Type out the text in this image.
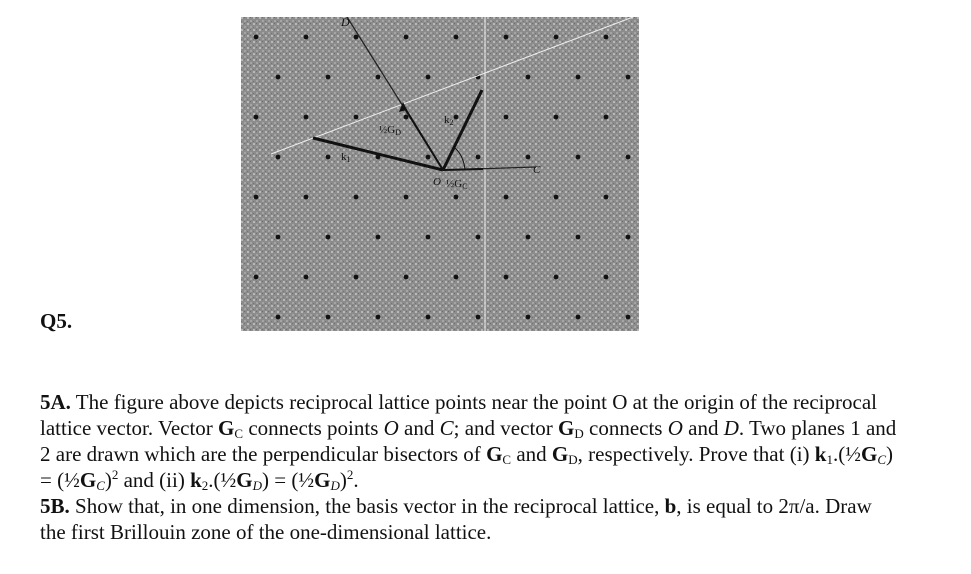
D
½GD
k1
k2
O ½GC
C
Q5.

5A. The figure above depicts reciprocal lattice points near the point O at the origin of the reciprocal lattice vector. Vector $G_C$ connects points O and C; and vector $G_D$ connects O and D. Two planes 1 and 2 are drawn which are the perpendicular bisectors of $G_C$ and $G_D$, respectively. Prove that (i) $k_1.(\frac{1}{2}G_C)$ = $(\frac{1}{2}G_C)^2$ and (ii) $k_2.(\frac{1}{2}G_D)$ = $(\frac{1}{2}G_D)^2$.

5B. Show that, in one dimension, the basis vector in the reciprocal lattice, b, is equal to 2π/a. Draw the first Brillouin zone of the one-dimensional lattice.
